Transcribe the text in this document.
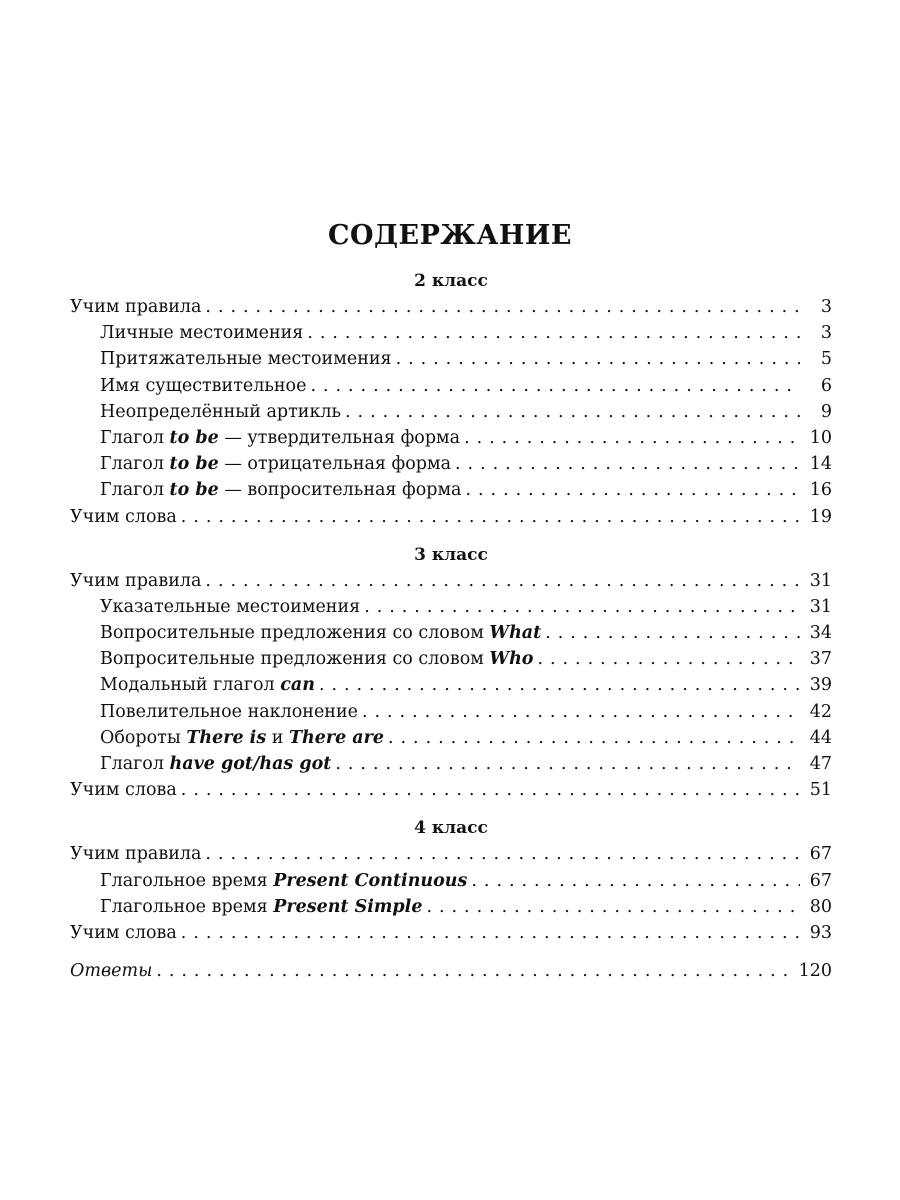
СОДЕРЖАНИЕ
2 класс
Учим правила . . .	3
Личные местоимения . . .	3
Притяжательные местоимения . . .	5
Имя существительное . . .	6
Неопределённый артикль . . .	9
Глагол to be — утвердительная форма . . .	10
Глагол to be — отрицательная форма . . .	14
Глагол to be — вопросительная форма . . .	16
Учим слова . . .	19
3 класс
Учим правила . . .	31
Указательные местоимения . . .	31
Вопросительные предложения со словом What . . .	34
Вопросительные предложения со словом Who . . .	37
Модальный глагол can . . .	39
Повелительное наклонение . . .	42
Обороты There is и There are . . .	44
Глагол have got/has got . . .	47
Учим слова . . .	51
4 класс
Учим правила . . .	67
Глагольное время Present Continuous . . .	67
Глагольное время Present Simple . . .	80
Учим слова . . .	93
Ответы . . .	120
